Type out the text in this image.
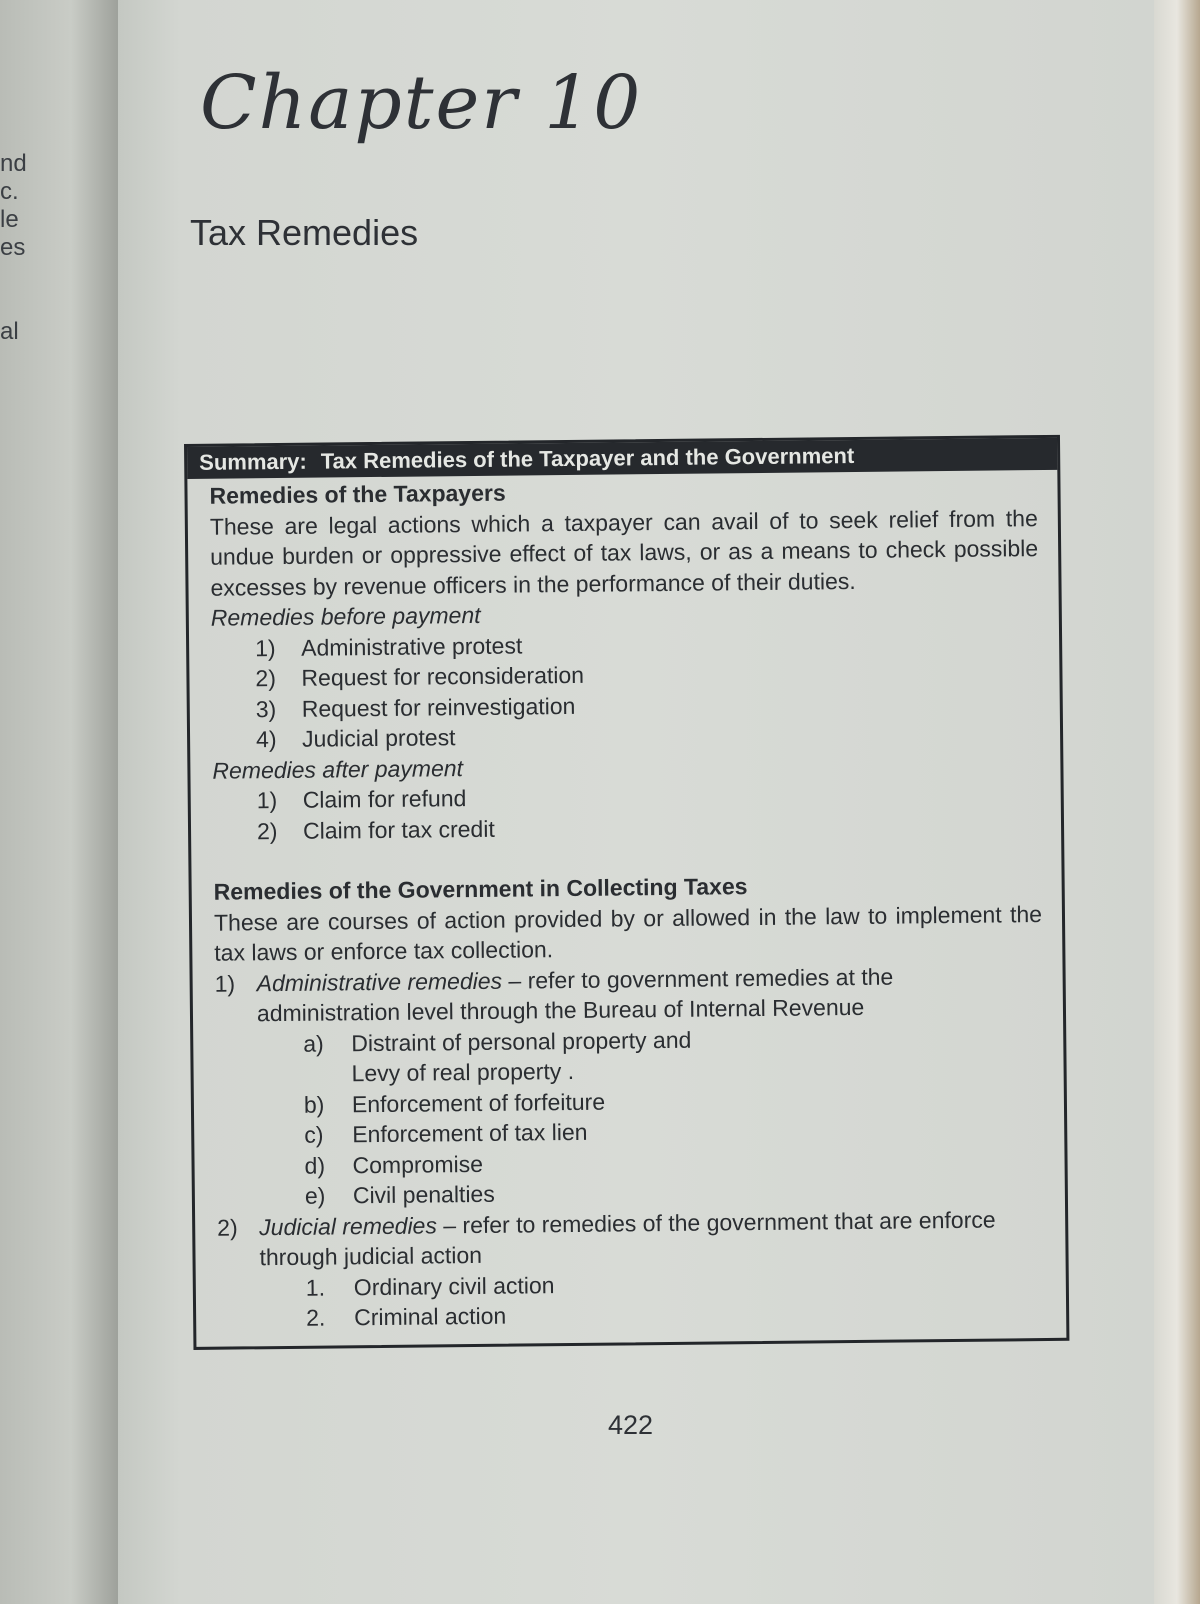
nd
c.
le
es
al
Chapter 10
Tax Remedies
Summary: Tax Remedies of the Taxpayer and the Government
Remedies of the Taxpayers
These are legal actions which a taxpayer can avail of to seek relief from the undue burden or oppressive effect of tax laws, or as a means to check possible excesses by revenue officers in the performance of their duties.
Remedies before payment
1)	Administrative protest
2)	Request for reconsideration
3)	Request for reinvestigation
4)	Judicial protest
Remedies after payment
1)	Claim for refund
2)	Claim for tax credit
Remedies of the Government in Collecting Taxes
These are courses of action provided by or allowed in the law to implement the tax laws or enforce tax collection.
1) Administrative remedies – refer to government remedies at the administration level through the Bureau of Internal Revenue
a)	Distraint of personal property and
Levy of real property .
b)	Enforcement of forfeiture
c)	Enforcement of tax lien
d)	Compromise
e)	Civil penalties
2) Judicial remedies – refer to remedies of the government that are enforce through judicial action
1.	Ordinary civil action
2.	Criminal action
422
